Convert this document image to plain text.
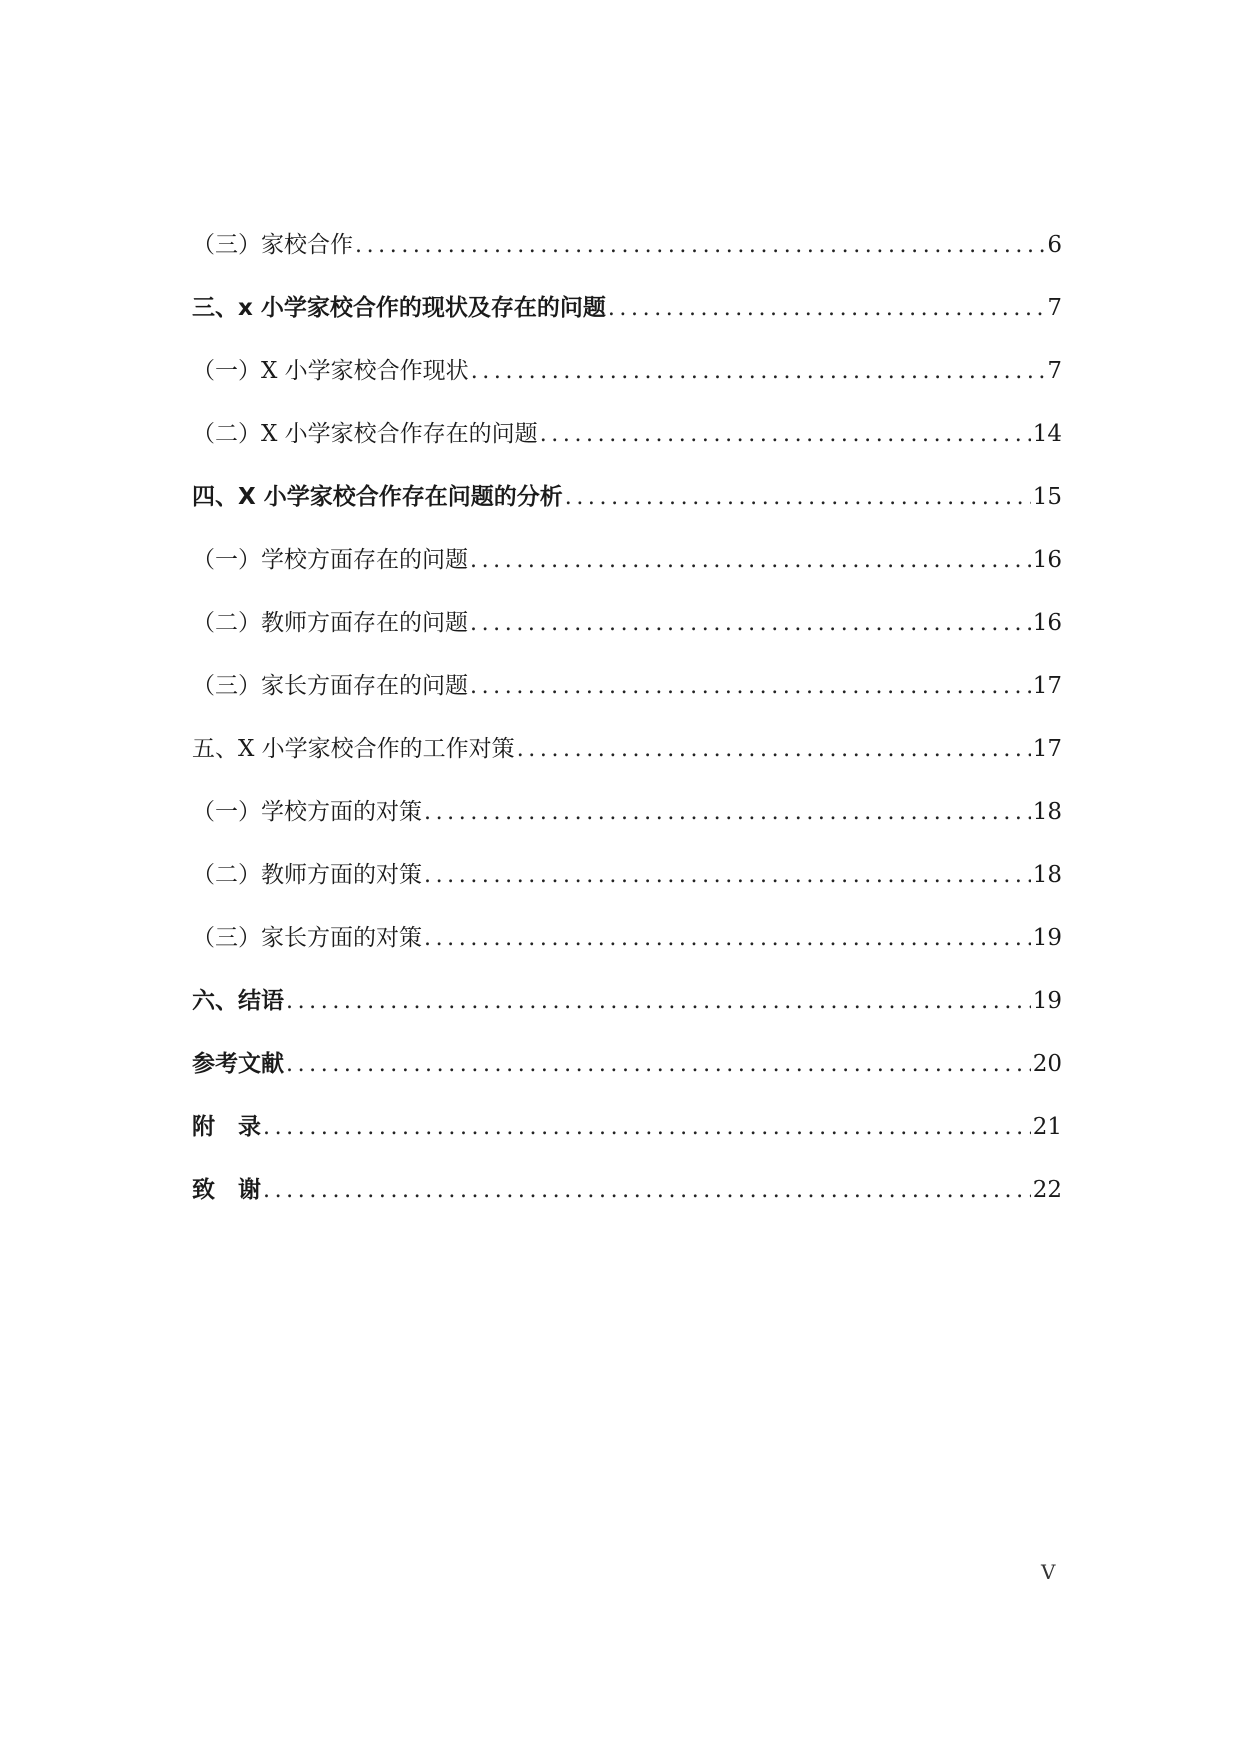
（三）家校合作 . . .	6
三、x 小学家校合作的现状及存在的问题 . . .	7
（一）X 小学家校合作现状 . . .	7
（二）X 小学家校合作存在的问题 . . .	14
四、X 小学家校合作存在问题的分析 . . .	15
（一）学校方面存在的问题 . . .	16
（二）教师方面存在的问题 . . .	16
（三）家长方面存在的问题 . . .	17
五、X 小学家校合作的工作对策 . . .	17
（一）学校方面的对策 . . .	18
（二）教师方面的对策 . . .	18
（三）家长方面的对策 . . .	19
六、结语 . . .	19
参考文献 . . .	20
附　录 . . .	21
致　谢 . . .	22
V
